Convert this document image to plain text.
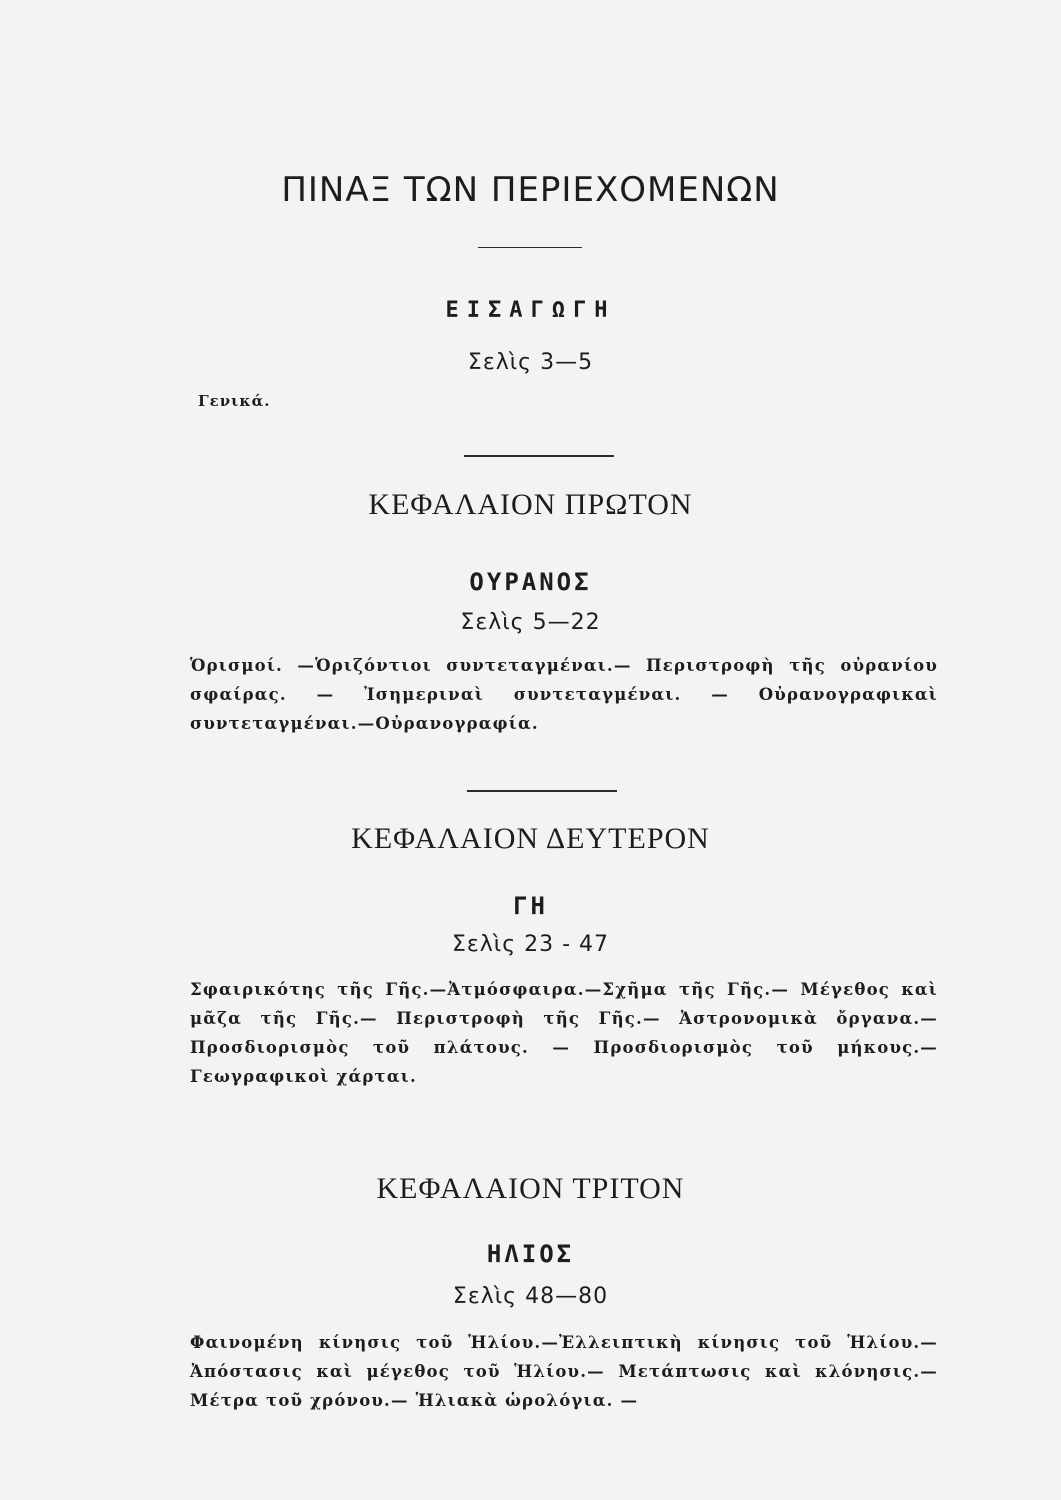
ΠΙΝΑΞ ΤΩΝ ΠΕΡΙΕΧΟΜΕΝΩΝ
ΕΙΣΑΓΩΓΗ
Σελὶς 3—5
Γενικά.
ΚΕΦΑΛΑΙΟΝ ΠΡΩΤΟΝ
ΟΥΡΑΝΟΣ
Σελὶς 5—22
Ὁρισμοί. —Ὁριζόντιοι συντεταγμέναι.— Περιστροφὴ τῆς οὐρανίου σφαίρας. — Ἰσημεριναὶ συντεταγμέναι. — Οὐρανογραφικαὶ συντεταγμέναι.—Οὐρανογραφία.
ΚΕΦΑΛΑΙΟΝ ΔΕΥΤΕΡΟΝ
ΓΗ
Σελὶς 23 - 47
Σφαιρικότης τῆς Γῆς.—Ἀτμόσφαιρα.—Σχῆμα τῆς Γῆς.— Μέγεθος καὶ μᾶζα τῆς Γῆς.— Περιστροφὴ τῆς Γῆς.— Ἀστρονομικὰ ὄργανα.—Προσδιορισμὸς τοῦ πλάτους. — Προσδιορισμὸς τοῦ μήκους.—Γεωγραφικοὶ χάρται.
ΚΕΦΑΛΑΙΟΝ ΤΡΙΤΟΝ
ΗΛΙΟΣ
Σελὶς 48—80
Φαινομένη κίνησις τοῦ Ἡλίου.—Ἐλλειπτικὴ κίνησις τοῦ Ἡλίου.— Ἀπόστασις καὶ μέγεθος τοῦ Ἡλίου.— Μετάπτωσις καὶ κλόνησις.— Μέτρα τοῦ χρόνου.— Ἡλιακὰ ὡρολόγια. —
